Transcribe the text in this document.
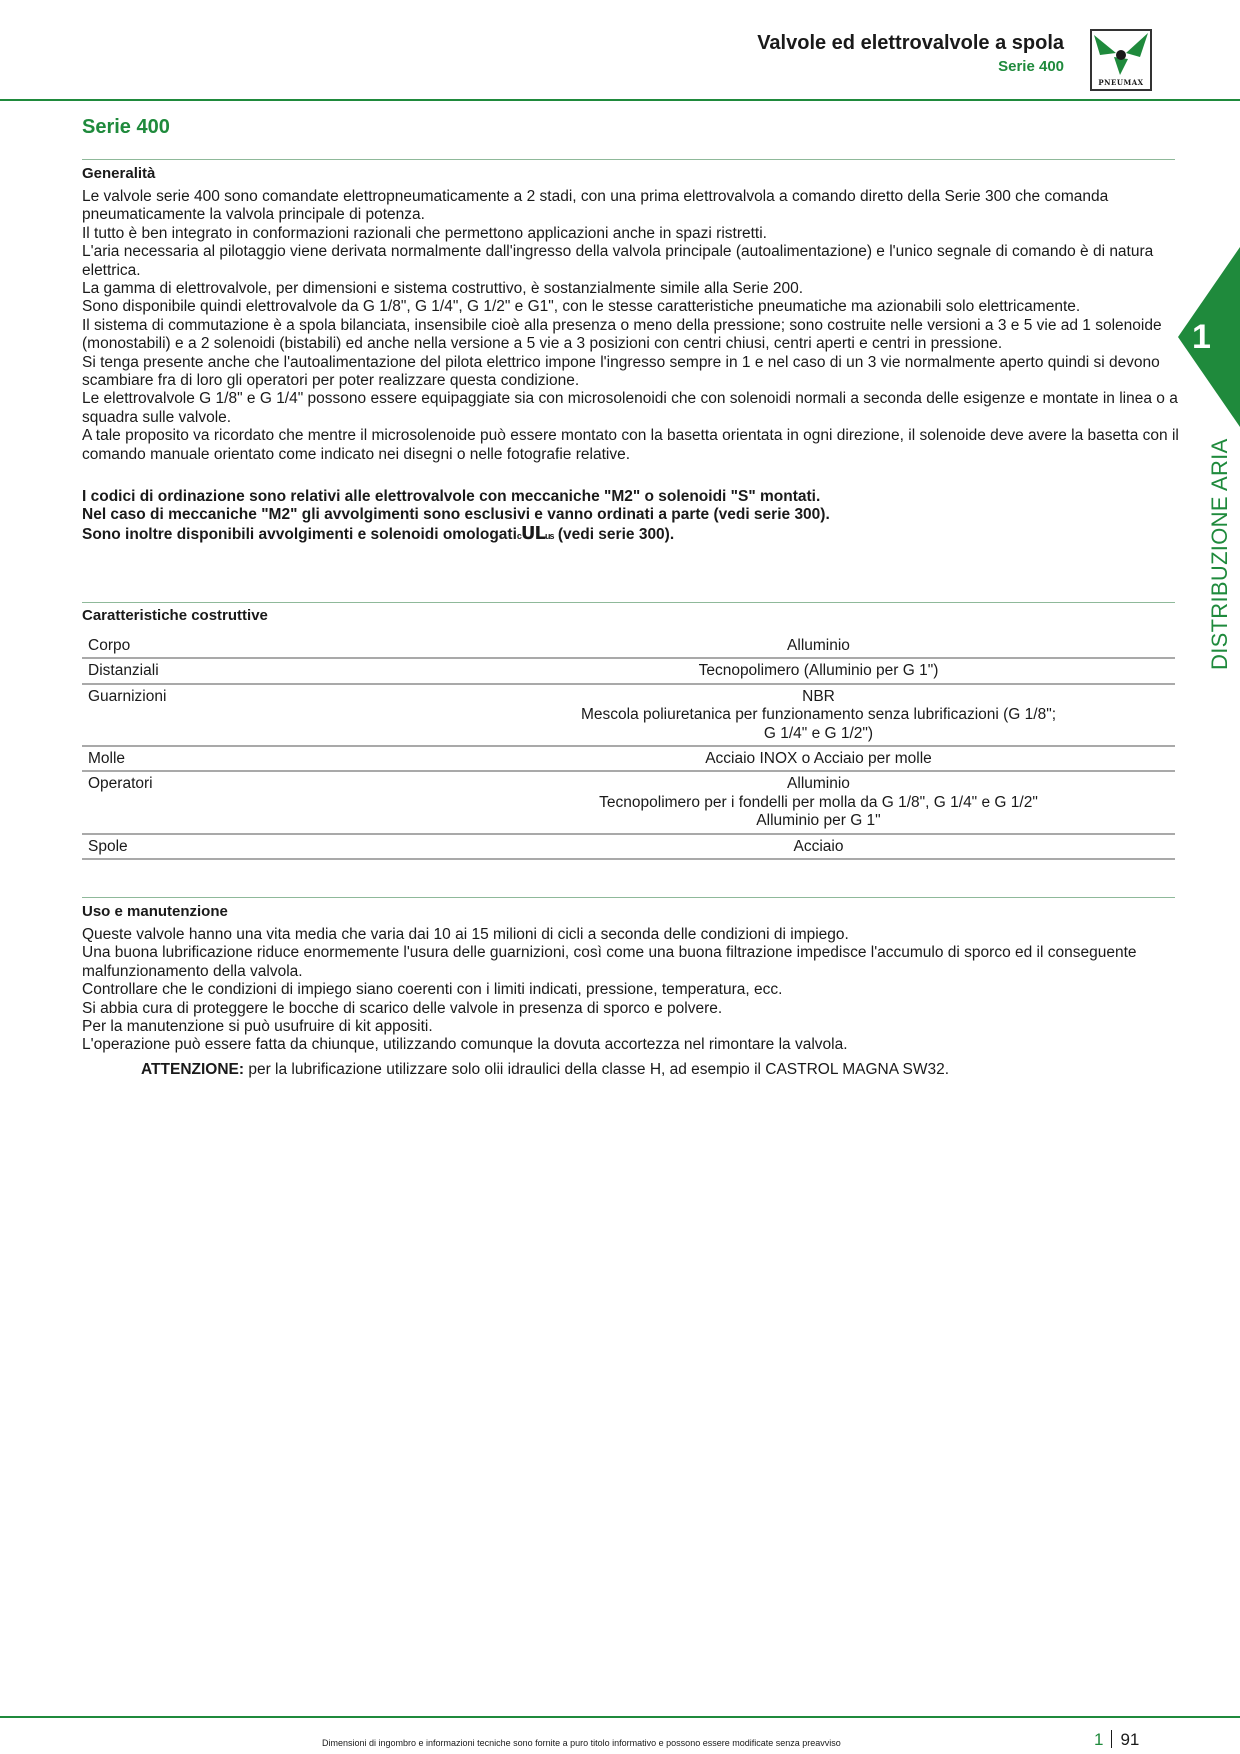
Valvole ed elettrovalvole a spola
Serie 400
PNEUMAX
Serie 400
Generalità

Le valvole serie 400 sono comandate elettropneumaticamente a 2 stadi, con una prima elettrovalvola a comando diretto della Serie 300 che comanda pneumaticamente la valvola principale di potenza.

Il tutto è ben integrato in conformazioni razionali che permettono applicazioni anche in spazi ristretti.

L'aria necessaria al pilotaggio viene derivata normalmente dall'ingresso della valvola principale (autoalimentazione) e l'unico segnale di comando è di natura elettrica.

La gamma di elettrovalvole, per dimensioni e sistema costruttivo, è sostanzialmente simile alla Serie 200.

Sono disponibile quindi elettrovalvole da G 1/8", G 1/4", G 1/2" e G1", con le stesse caratteristiche pneumatiche ma azionabili solo elettricamente.

Il sistema di commutazione è a spola bilanciata, insensibile cioè alla presenza o meno della pressione; sono costruite nelle versioni a 3 e 5 vie ad 1 solenoide (monostabili) e a 2 solenoidi (bistabili) ed anche nella versione a 5 vie a 3 posizioni con centri chiusi, centri aperti e centri in pressione.

Si tenga presente anche che l'autoalimentazione del pilota elettrico impone l'ingresso sempre in 1 e nel caso di un 3 vie normalmente aperto quindi si devono scambiare fra di loro gli operatori per poter realizzare questa condizione.

Le elettrovalvole G 1/8" e G 1/4" possono essere equipaggiate sia con microsolenoidi che con solenoidi normali a seconda delle esigenze e montate in linea o a squadra sulle valvole.

A tale proposito va ricordato che mentre il microsolenoide può essere montato con la basetta orientata in ogni direzione, il solenoide deve avere la basetta con il comando manuale orientato come indicato nei disegni o nelle fotografie relative.

I codici di ordinazione sono relativi alle elettrovalvole con meccaniche "M2" o solenoidi "S" montati.

Nel caso di meccaniche "M2" gli avvolgimenti sono esclusivi e vanno ordinati a parte (vedi serie 300).

Sono inoltre disponibili avvolgimenti e solenoidi omologaticULus (vedi serie 300).

Caratteristiche costruttive
Corpo	Alluminio

Distanziali	Tecnopolimero (Alluminio per G 1")

Guarnizioni	NBR
Mescola poliuretanica per funzionamento senza lubrificazioni (G 1/8";
G 1/4" e G 1/2")

Molle	Acciaio INOX o Acciaio per molle

Operatori	Alluminio
Tecnopolimero per i fondelli per molla da G 1/8", G 1/4" e G 1/2"
Alluminio per G 1"

Spole	Acciaio
Uso e manutenzione

Queste valvole hanno una vita media che varia dai 10 ai 15 milioni di cicli a seconda delle condizioni di impiego.

Una buona lubrificazione riduce enormemente l'usura delle guarnizioni, così come una buona filtrazione impedisce l'accumulo di sporco ed il conseguente malfunzionamento della valvola.

Controllare che le condizioni di impiego siano coerenti con i limiti indicati, pressione, temperatura, ecc.

Si abbia cura di proteggere le bocche di scarico delle valvole in presenza di sporco e polvere.

Per la manutenzione si può usufruire di kit appositi.

L'operazione può essere fatta da chiunque, utilizzando comunque la dovuta accortezza nel rimontare la valvola.

ATTENZIONE: per la lubrificazione utilizzare solo olii idraulici della classe H, ad esempio il CASTROL MAGNA SW32.
1
DISTRIBUZIONE ARIA
Dimensioni di ingombro e informazioni tecniche sono fornite a puro titolo informativo e possono essere modificate senza preavviso	1 91
